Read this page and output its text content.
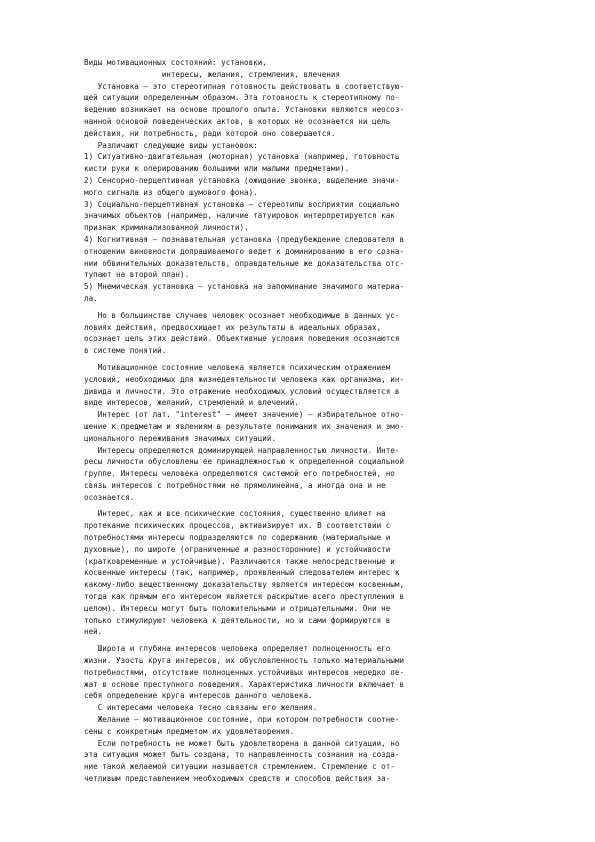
Виды мотивационных состояний: установки,
интересы, желания, стремления, влечения
Установка – это стереотипная готовность действовать в соответствую-
щей ситуации определенным образом. Эта готовность к стереотипному по-
ведению возникает на основе прошлого опыта. Установки являются неосоз-
нанной основой поведенческих актов, в которых не осознается ни цель
действия, ни потребность, ради которой оно совершается.
Различают следующие виды установок:
1) Ситуативно-двигательная (моторная) установка (например, готовность
кисти руки к оперированию большими или малыми предметами).
2) Сенсорно-перцептивная установка (ожидание звонка, выделение значи-
мого сигнала из общего шумового фона).
3) Социально-перцептивная установка – стереотипы восприятия социально
значимых объектов (например, наличие татуировок интерпретируется как
признак криминализованной личности).
4) Когнитивная – познавательная установка (предубеждение следователя в
отношении виновности допрашиваемого ведет к доминированию в его созна-
нии обвинительных доказательств, оправдательные же доказательства отс-
тупают на второй план).
5) Мнемическая установка – установка на запоминание значимого материа-
ла.
Но в большинстве случаев человек осознает необходимые в данных ус-
ловиях действия, предвосхищает их результаты в идеальных образах,
осознает цель этих действий. Объективные условия поведения осознаются
в системе понятий.
Мотивационное состояние человека является психическим отражением
условий, необходимых для жизнедеятельности человека как организма, ин-
дивида и личности. Это отражение необходимых условий осуществляется в
виде интересов, желаний, стремлений и влечений.
Интерес (от лат. "interest" – имеет значение) – избирательное отно-
шение к предметам и явлениям в результате понимания их значения и эмо-
ционального переживания значимых ситуаций.
Интересы определяются доминирующей направленностью личности. Инте-
ресы личности обусловлены ее принадлежностью к определенной социальной
группе. Интересы человека определяются системой его потребностей, но
связь интересов с потребностями не прямолинейна, а иногда она и не
осознается.
Интерес, как и все психические состояния, существенно влияет на
протекание психических процессов, активизирует их. В соответствии с
потребностями интересы подразделяются по содержанию (материальные и
духовные), по широте (ограниченные и разносторонние) и устойчивости
(кратковременные и устойчивые). Различаются также непосредственные и
косвенные интересы (так, например, проявленный следователем интерес к
какому-либо вещественному доказательству является интересом косвенным,
тогда как прямым его интересом является раскрытие всего преступления в
целом). Интересы могут быть положительными и отрицательными. Они не
только стимулируют человека к деятельности, но и сами формируются в
ней.
Широта и глубина интересов человека определяет полноценность его
жизни. Узость круга интересов, их обусловленность только материальными
потребностями, отсутствие полноценных устойчивых интересов нередко ле-
жат в основе преступного поведения. Характеристика личности включает в
себя определение круга интересов данного человека.
С интересами человека тесно связаны его желания.
Желание – мотивационное состояние, при котором потребности соотне-
сены с конкретным предметом их удовлетворения.
Если потребность не может быть удовлетворена в данной ситуации, но
эта ситуация может быть создана, то направленность сознания на созда-
ние такой желаемой ситуации называется стремлением. Стремление с от-
четливым представлением необходимых средств и способов действия за-
